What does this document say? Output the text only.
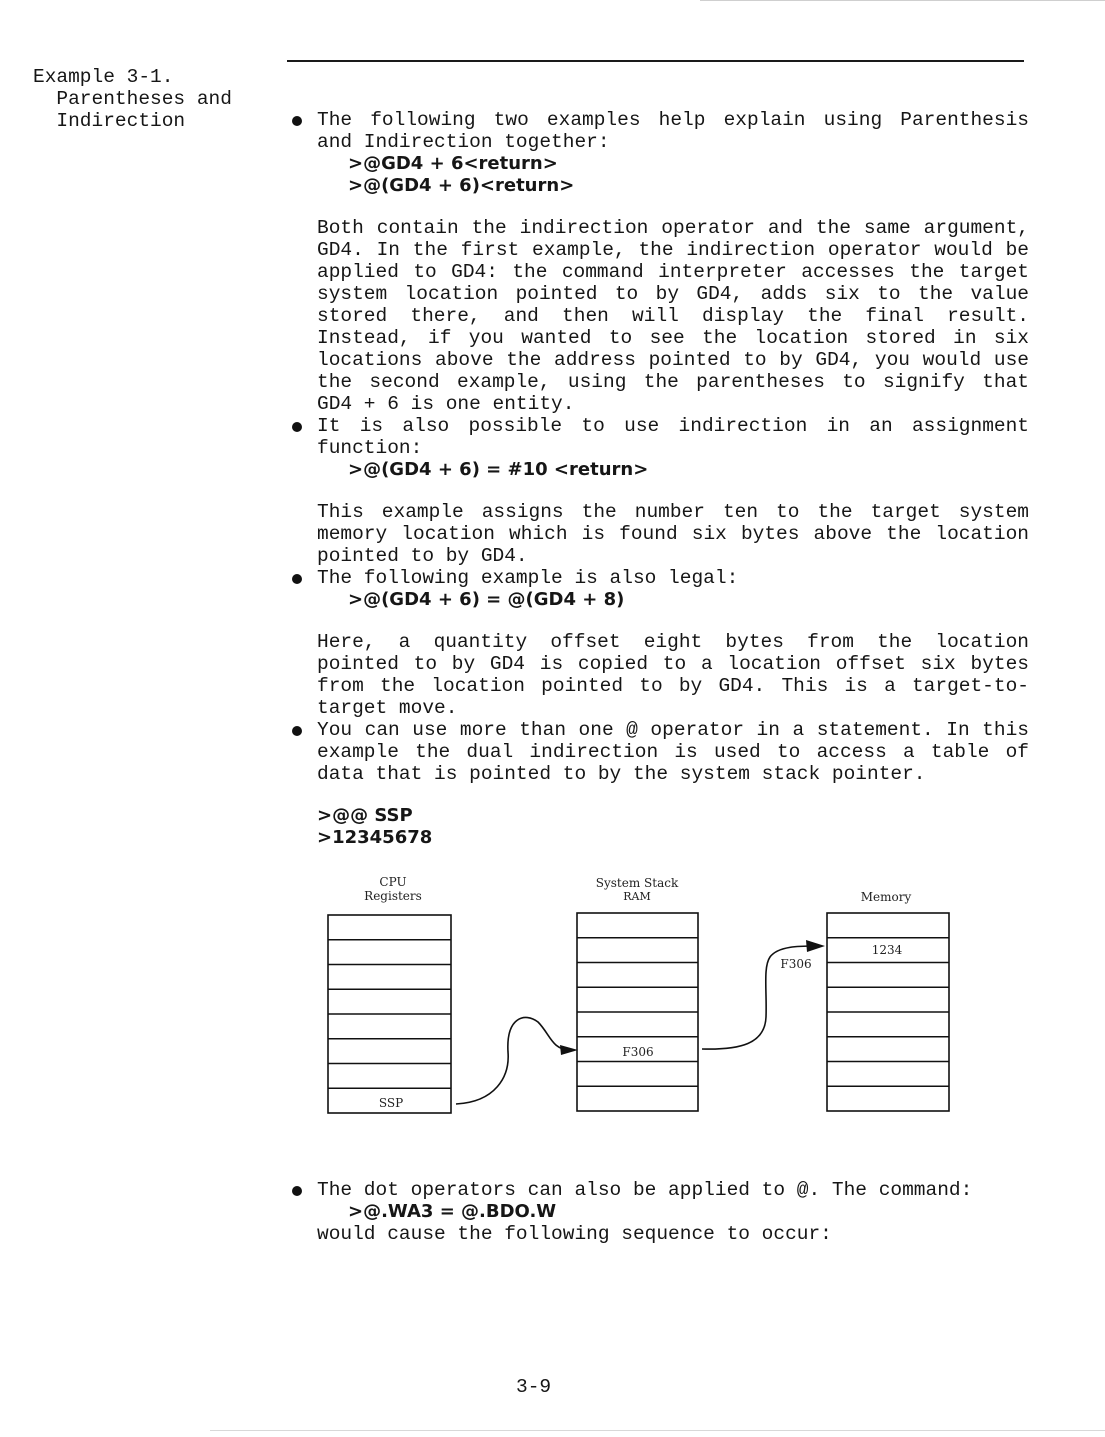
Example 3-1.
Parentheses and
Indirection	The following two examples help explain using Parenthesis and Indirection together:

>@GD4 + 6<return>
>@(GD4 + 6)<return>

Both contain the indirection operator and the same argument, GD4. In the first example, the indirection operator would be applied to GD4: the command interpreter accesses the target system location pointed to by GD4, adds six to the value stored there, and then will display the final result. Instead, if you wanted to see the location stored in six locations above the address pointed to by GD4, you would use the second example, using the parentheses to signify that GD4 + 6 is one entity.

It is also possible to use indirection in an assignment function:

>@(GD4 + 6) = #10 <return>

This example assigns the number ten to the target system memory location which is found six bytes above the location pointed to by GD4.

The following example is also legal:

>@(GD4 + 6) = @(GD4 + 8)

Here, a quantity offset eight bytes from the location pointed to by GD4 is copied to a location offset six bytes from the location pointed to by GD4. This is a target-to-target move.

You can use more than one @ operator in a statement. In this example the dual indirection is used to access a table of data that is pointed to by the system stack pointer.

>@@ SSP
>12345678
CPU
Registers
System Stack
RAM	Memory
SSP
F306
F306
1234

The dot operators can also be applied to @. The command:

>@.WA3 = @.BDO.W

would cause the following sequence to occur:

3-9
